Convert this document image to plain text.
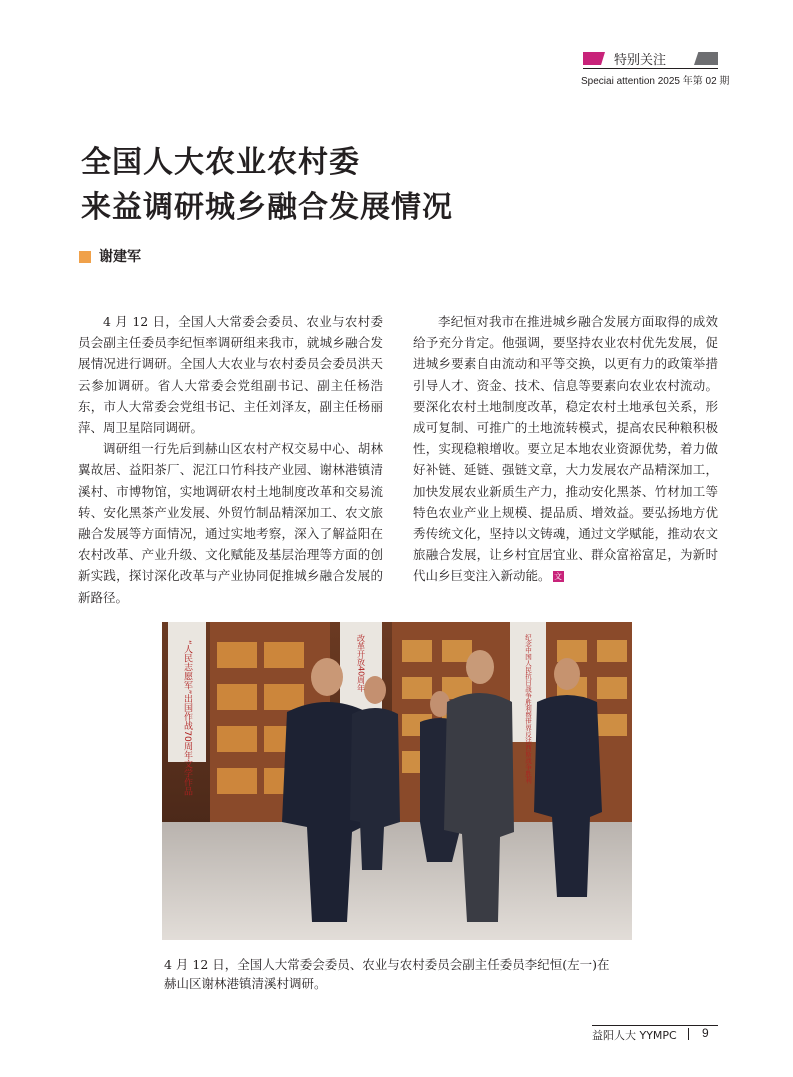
特别关注
Speciai attention 2025 年第 02 期
全国人大农业农村委
来益调研城乡融合发展情况
谢建军

4 月 12 日，全国人大常委会委员、农业与农村委员会副主任委员李纪恒率调研组来我市，就城乡融合发展情况进行调研。全国人大农业与农村委员会委员洪天云参加调研。省人大常委会党组副书记、副主任杨浩东，市人大常委会党组书记、主任刘泽友，副主任杨丽萍、周卫星陪同调研。

调研组一行先后到赫山区农村产权交易中心、胡林翼故居、益阳茶厂、泥江口竹科技产业园、谢林港镇清溪村、市博物馆，实地调研农村土地制度改革和交易流转、安化黑茶产业发展、外贸竹制品精深加工、农文旅融合发展等方面情况，通过实地考察，深入了解益阳在农村改革、产业升级、文化赋能及基层治理等方面的创新实践，探讨深化改革与产业协同促推城乡融合发展的新路径。

李纪恒对我市在推进城乡融合发展方面取得的成效给予充分肯定。他强调，要坚持农业农村优先发展，促进城乡要素自由流动和平等交换，以更有力的政策举措引导人才、资金、技术、信息等要素向农业农村流动。要深化农村土地制度改革，稳定农村土地承包关系，形成可复制、可推广的土地流转模式，提高农民种粮积极性，实现稳粮增收。要立足本地农业资源优势，着力做好补链、延链、强链文章，大力发展农产品精深加工，加快发展农业新质生产力，推动安化黑茶、竹材加工等特色农业产业上规模、提品质、增效益。要弘扬地方优秀传统文化，坚持以文铸魂，通过文学赋能，推动农文旅融合发展，让乡村宜居宜业、群众富裕富足，为新时代山乡巨变注入新动能。 文

“人民志愿军”出国作战70周年文学作品	改革开放40周年	纪念中国人民抗日战争胜利暨世界反法西斯战争胜利
4 月 12 日，全国人大常委会委员、农业与农村委员会副主任委员李纪恒(左一)在
赫山区谢林港镇清溪村调研。
益阳人大 YYMPC 9
